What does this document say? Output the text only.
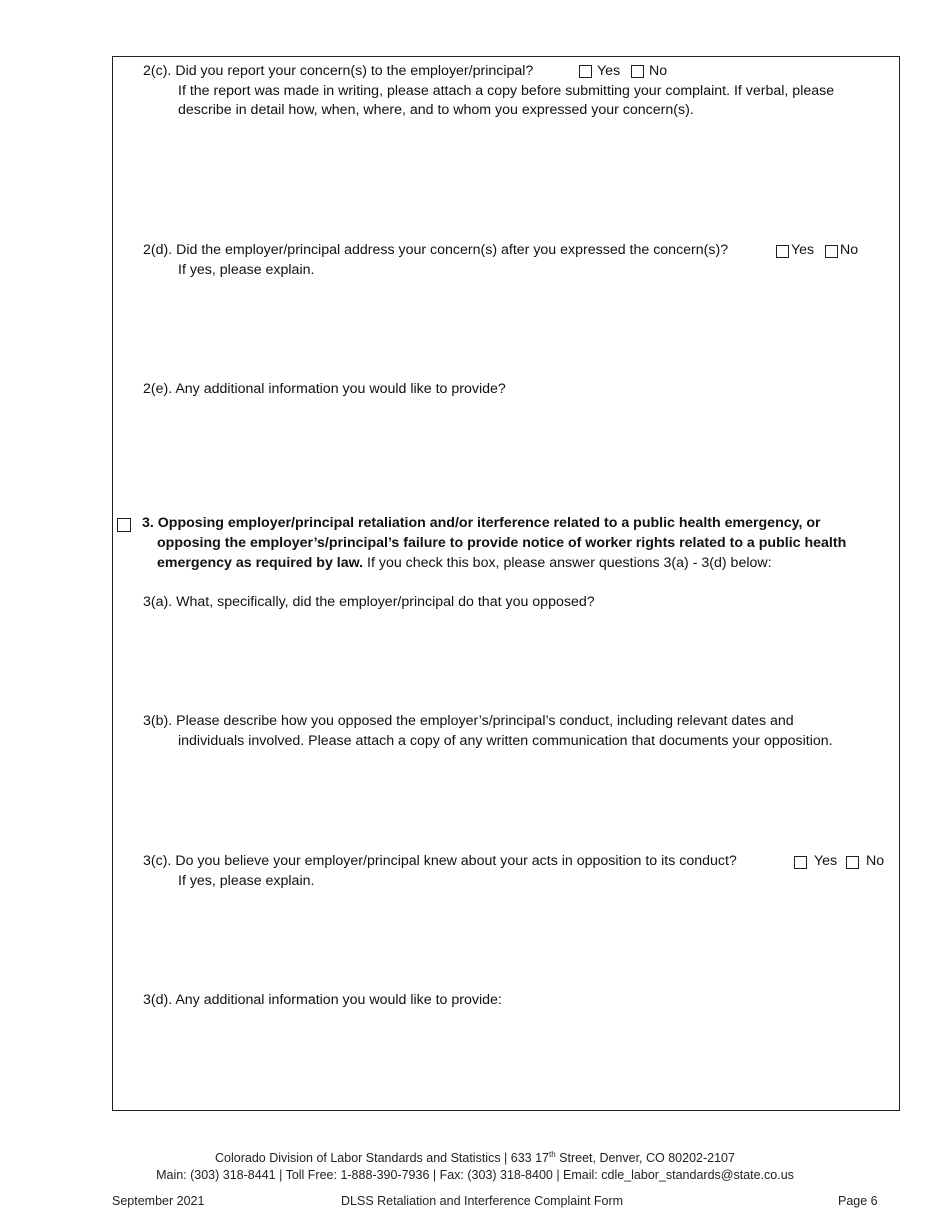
2(c). Did you report your concern(s) to the employer/principal?	Yes No
If the report was made in writing, please attach a copy before submitting your complaint. If verbal, please
describe in detail how, when, where, and to whom you expressed your concern(s).
2(d). Did the employer/principal address your concern(s) after you expressed the concern(s)?	Yes No
If yes, please explain.
2(e). Any additional information you would like to provide?
3. Opposing employer/principal retaliation and/or iterference related to a public health emergency, or
opposing the employer’s/principal’s failure to provide notice of worker rights related to a public health
emergency as required by law. If you check this box, please answer questions 3(a) - 3(d) below:
3(a). What, specifically, did the employer/principal do that you opposed?
3(b). Please describe how you opposed the employer’s/principal’s conduct, including relevant dates and
individuals involved. Please attach a copy of any written communication that documents your opposition.
3(c). Do you believe your employer/principal knew about your acts in opposition to its conduct?	Yes No
If yes, please explain.
3(d). Any additional information you would like to provide:
Colorado Division of Labor Standards and Statistics | 633 17th Street, Denver, CO 80202-2107
Main: (303) 318-8441 | Toll Free: 1-888-390-7936 | Fax: (303) 318-8400 | Email: cdle_labor_standards@state.co.us
September 2021	DLSS Retaliation and Interference Complaint Form	Page 6
